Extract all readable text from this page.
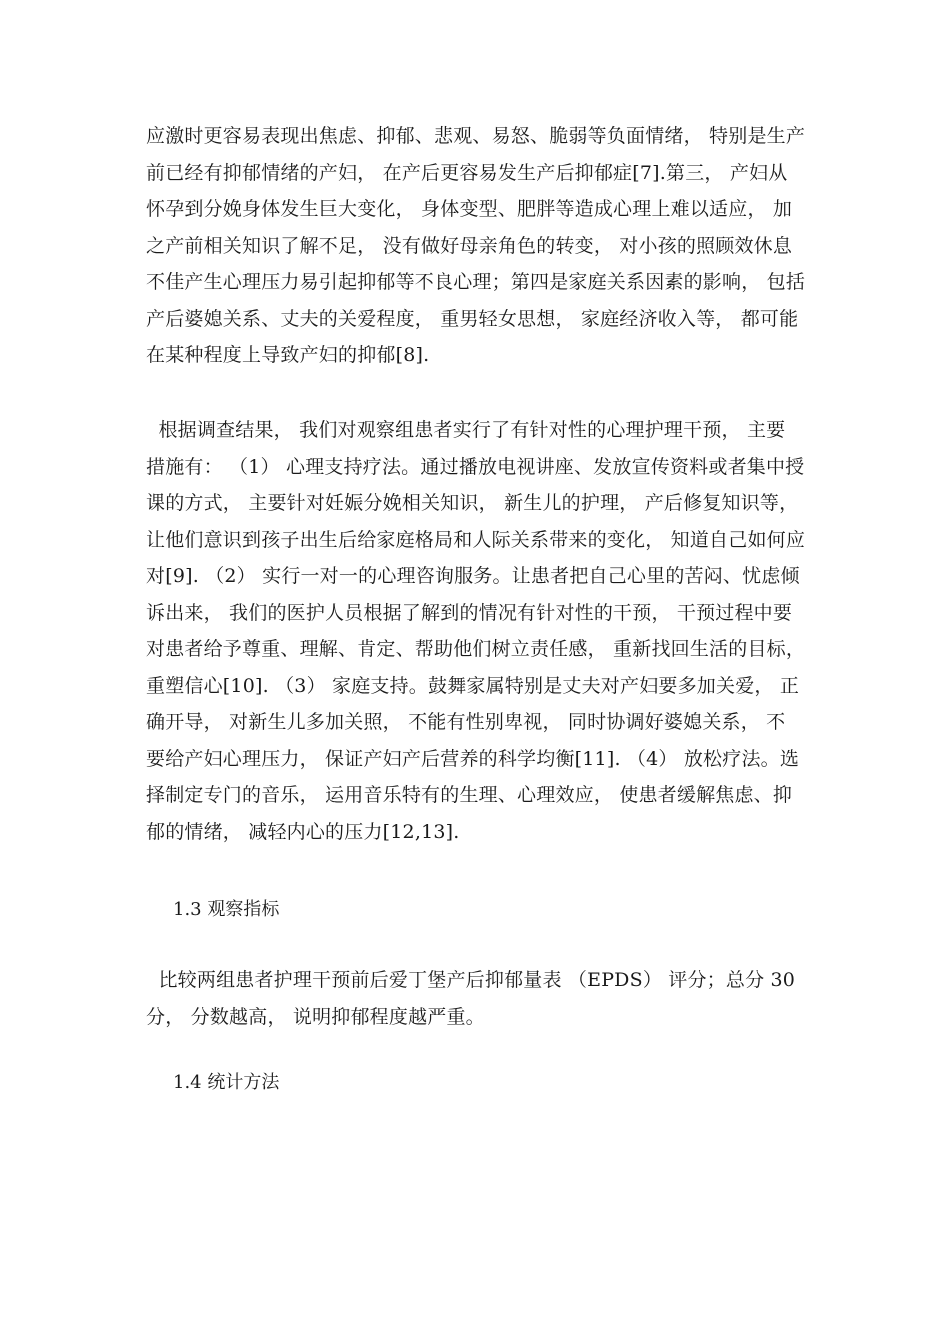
应激时更容易表现出焦虑、抑郁、悲观、易怒、脆弱等负面情绪， 特别是生产

前已经有抑郁情绪的产妇， 在产后更容易发生产后抑郁症[7].第三， 产妇从

怀孕到分娩身体发生巨大变化， 身体变型、肥胖等造成心理上难以适应， 加

之产前相关知识了解不足， 没有做好母亲角色的转变， 对小孩的照顾效休息

不佳产生心理压力易引起抑郁等不良心理；第四是家庭关系因素的影响， 包括

产后婆媳关系、丈夫的关爱程度， 重男轻女思想， 家庭经济收入等， 都可能

在某种程度上导致产妇的抑郁[8].

根据调查结果， 我们对观察组患者实行了有针对性的心理护理干预， 主要

措施有： （1） 心理支持疗法。通过播放电视讲座、发放宣传资料或者集中授

课的方式， 主要针对妊娠分娩相关知识， 新生儿的护理， 产后修复知识等，

让他们意识到孩子出生后给家庭格局和人际关系带来的变化， 知道自己如何应

对[9]. （2） 实行一对一的心理咨询服务。让患者把自己心里的苦闷、忧虑倾

诉出来， 我们的医护人员根据了解到的情况有针对性的干预， 干预过程中要

对患者给予尊重、理解、肯定、帮助他们树立责任感， 重新找回生活的目标，

重塑信心[10]. （3） 家庭支持。鼓舞家属特别是丈夫对产妇要多加关爱， 正

确开导， 对新生儿多加关照， 不能有性别卑视， 同时协调好婆媳关系， 不

要给产妇心理压力， 保证产妇产后营养的科学均衡[11]. （4） 放松疗法。选

择制定专门的音乐， 运用音乐特有的生理、心理效应， 使患者缓解焦虑、抑

郁的情绪， 减轻内心的压力[12,13].

1.3 观察指标

比较两组患者护理干预前后爱丁堡产后抑郁量表 （EPDS） 评分；总分 30

分， 分数越高， 说明抑郁程度越严重。

1.4 统计方法
